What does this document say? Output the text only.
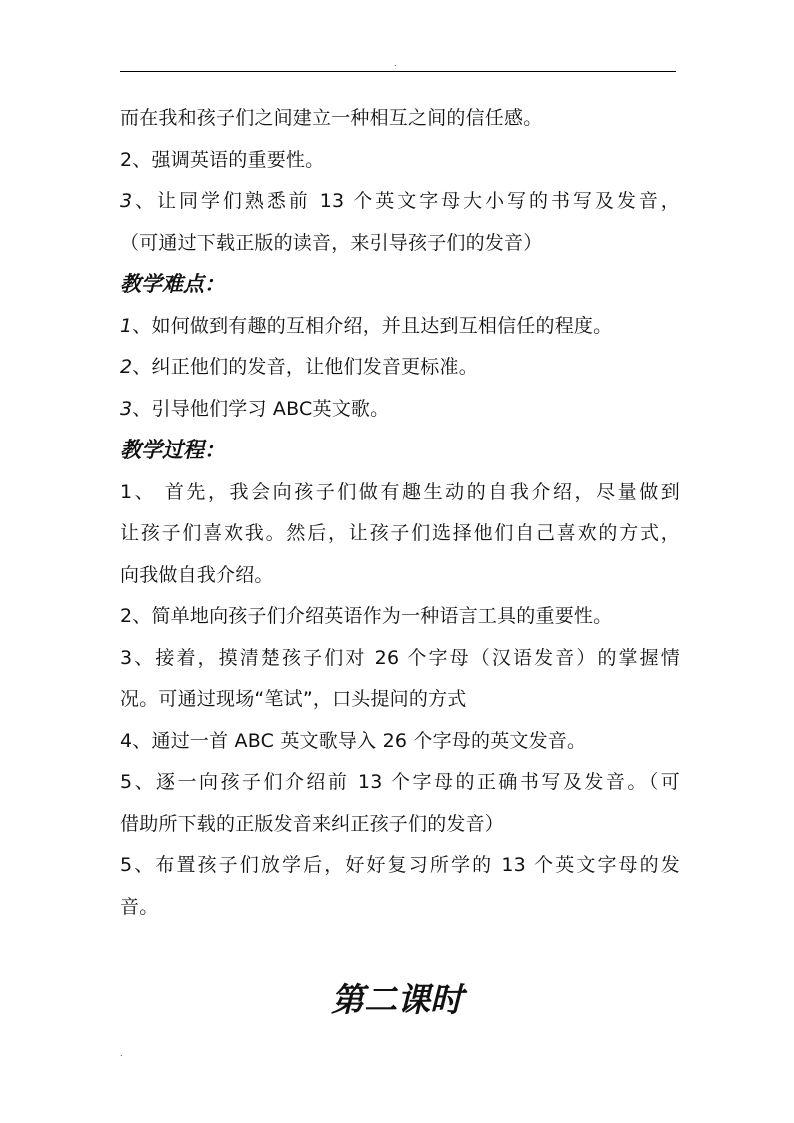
.
而在我和孩子们之间建立一种相互之间的信任感。
2、强调英语的重要性。
3、让同学们熟悉前 13 个英文字母大小写的书写及发音，
（可通过下载正版的读音，来引导孩子们的发音）
教学难点：
1、如何做到有趣的互相介绍，并且达到互相信任的程度。
2、纠正他们的发音，让他们发音更标准。
3、引导他们学习 ABC英文歌。
教学过程：
1、 首先，我会向孩子们做有趣生动的自我介绍，尽量做到
让孩子们喜欢我。然后，让孩子们选择他们自己喜欢的方式，
向我做自我介绍。
2、简单地向孩子们介绍英语作为一种语言工具的重要性。
3、接着，摸清楚孩子们对 26 个字母（汉语发音）的掌握情
况。可通过现场“笔试”，口头提问的方式
4、通过一首 ABC 英文歌导入 26 个字母的英文发音。
5、逐一向孩子们介绍前 13 个字母的正确书写及发音。（可
借助所下载的正版发音来纠正孩子们的发音）
5、布置孩子们放学后，好好复习所学的 13 个英文字母的发
音。
第二课时
.
